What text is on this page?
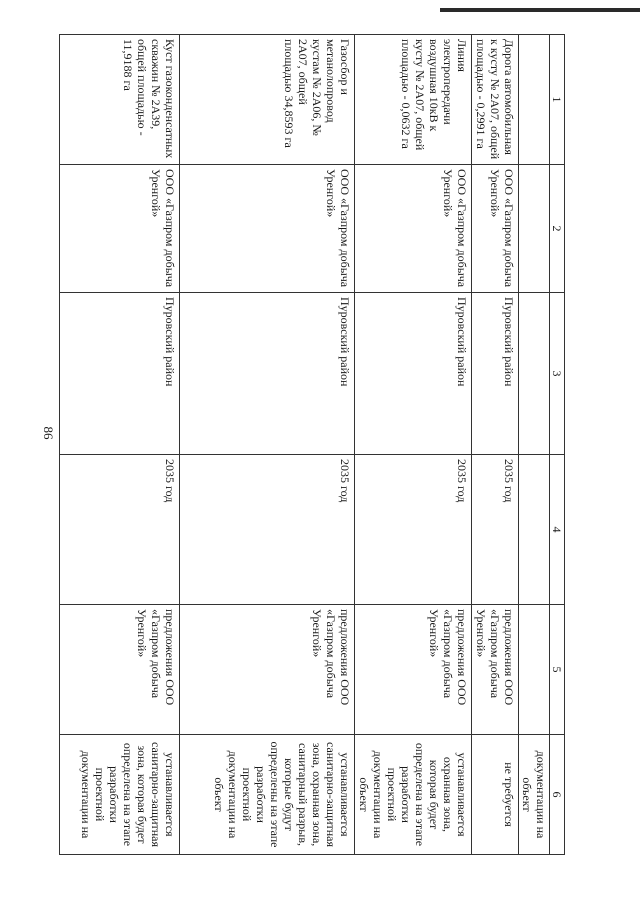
86
1	2	3	4	5	6
					документации на объект
Дорога автомобильная к кусту № 2А07, общей площадью - 0,2991 га	ООО «Газпром добыча Уренгой»	Пуровский район	2035 год	предложения ООО «Газпром добыча Уренгой»	не требуется
Линия электропередачи воздушная 10кВ к кусту № 2А07, общей площадью - 0,0632 га	ООО «Газпром добыча Уренгой»	Пуровский район	2035 год	предложения ООО «Газпром добыча Уренгой»	устанавливается охранная зона, которая будет определена на этапе разработки проектной документации на объект
Газосбор и метанолопровод кустам № 2А06, № 2А07, общей площадью 34,8593 га	ООО «Газпром добыча Уренгой»	Пуровский район	2035 год	предложения ООО «Газпром добыча Уренгой»	устанавливается санитарно-защитная зона, охранная зона, санитарный разрыв, которые будут определены на этапе разработки проектной документации на объект
Куст газоконденсатных скважин № 2А39, общей площадью - 11,9188 га	ООО «Газпром добыча Уренгой»	Пуровский район	2035 год	предложения ООО «Газпром добыча Уренгой»	устанавливается санитарно-защитная зона, которая будет определена на этапе разработки проектной документации на
